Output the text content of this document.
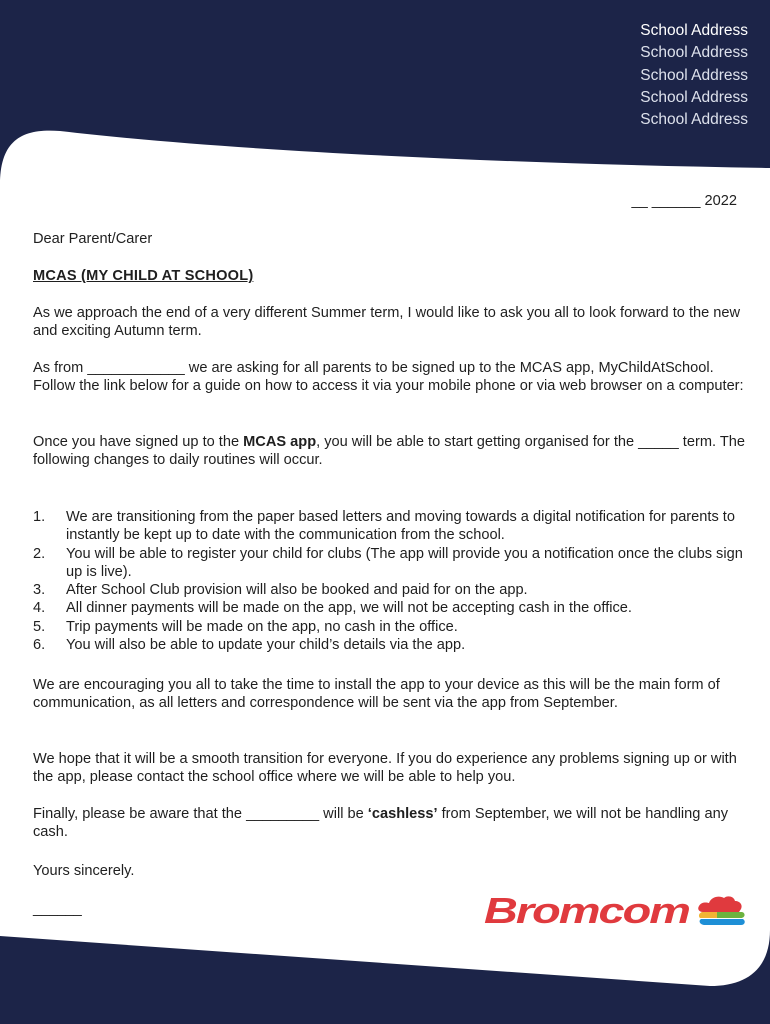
School Address
School Address
School Address
School Address
School Address
__ ______ 2022
Dear Parent/Carer
MCAS (MY CHILD AT SCHOOL)
As we approach the end of a very different Summer term, I would like to ask you all to look forward to the new and exciting Autumn term.
As from ____________ we are asking for all parents to be signed up to the MCAS app, MyChildAtSchool. Follow the link below for a guide on how to access it via your mobile phone or via web browser on a computer:
Once you have signed up to the MCAS app, you will be able to start getting organised for the _____ term. The following changes to daily routines will occur.
1.	We are transitioning from the paper based letters and moving towards a digital notification for parents to instantly be kept up to date with the communication from the school.
2.	You will be able to register your child for clubs (The app will provide you a notification once the clubs sign up is live).
3.	After School Club provision will also be booked and paid for on the app.
4.	All dinner payments will be made on the app, we will not be accepting cash in the office.
5.	Trip payments will be made on the app, no cash in the office.
6.	You will also be able to update your child’s details via the app.
We are encouraging you all to take the time to install the app to your device as this will be the main form of communication, as all letters and correspondence will be sent via the app from September.
We hope that it will be a smooth transition for everyone. If you do experience any problems signing up or with the app, please contact the school office where we will be able to help you.
Finally, please be aware that the _________ will be ‘cashless’ from September, we will not be handling any cash.
Yours sincerely.
______	Bromcom
